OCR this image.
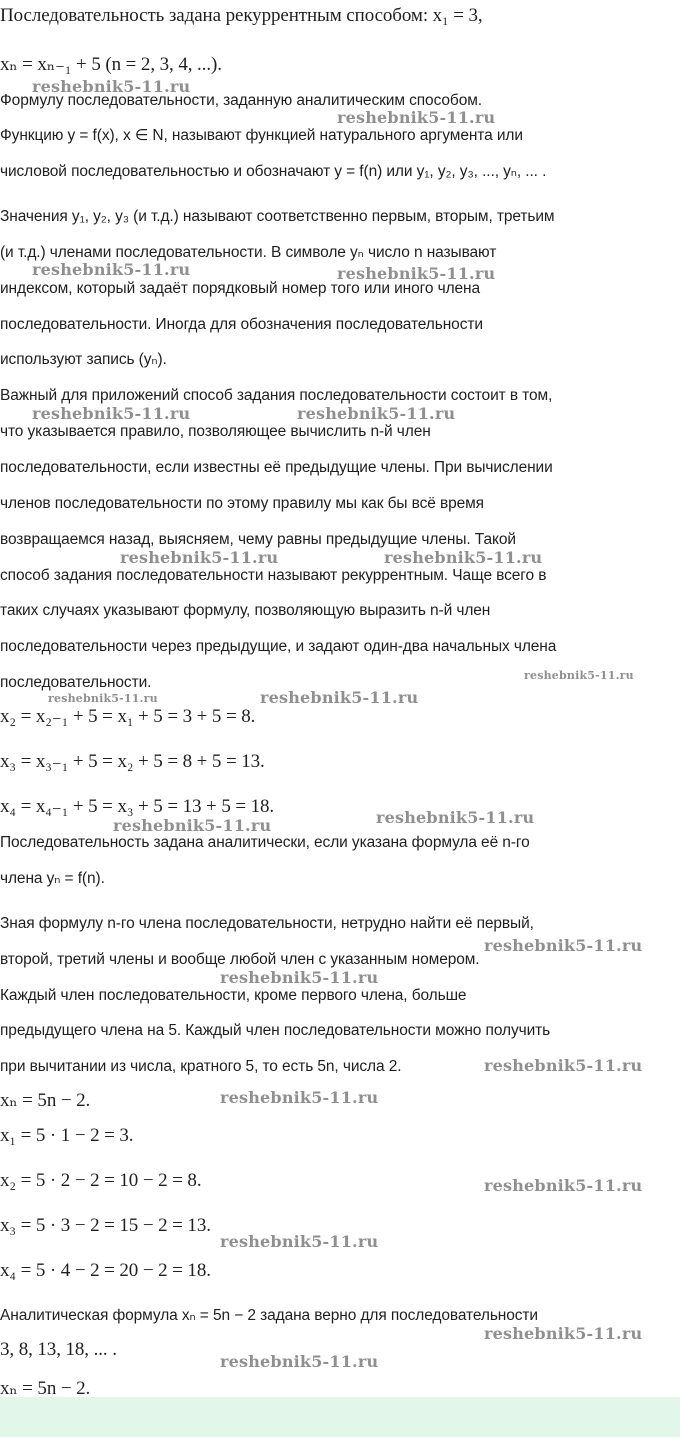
Последовательность задана рекуррентным способом: x₁ = 3,
xₙ = xₙ₋₁ + 5 (n = 2, 3, 4, ...).
Формулу последовательности, заданную аналитическим способом.
Функцию y = f(x), x ∈ N, называют функцией натурального аргумента или
числовой последовательностью и обозначают y = f(n) или y₁, y₂, y₃, ..., yₙ, ... .
Значения y₁, y₂, y₃ (и т.д.) называют соответственно первым, вторым, третьим
(и т.д.) членами последовательности. В символе yₙ число n называют
индексом, который задаёт порядковый номер того или иного члена
последовательности. Иногда для обозначения последовательности
используют запись (yₙ).
Важный для приложений способ задания последовательности состоит в том,
что указывается правило, позволяющее вычислить n-й член
последовательности, если известны её предыдущие члены. При вычислении
членов последовательности по этому правилу мы как бы всё время
возвращаемся назад, выясняем, чему равны предыдущие члены. Такой
способ задания последовательности называют рекуррентным. Чаще всего в
таких случаях указывают формулу, позволяющую выразить n-й член
последовательности через предыдущие, и задают один-два начальных члена
последовательности.
x₂ = x₂₋₁ + 5 = x₁ + 5 = 3 + 5 = 8.
x₃ = x₃₋₁ + 5 = x₂ + 5 = 8 + 5 = 13.
x₄ = x₄₋₁ + 5 = x₃ + 5 = 13 + 5 = 18.
Последовательность задана аналитически, если указана формула её n-го
члена yₙ = f(n).
Зная формулу n-го члена последовательности, нетрудно найти её первый,
второй, третий члены и вообще любой член с указанным номером.
Каждый член последовательности, кроме первого члена, больше
предыдущего члена на 5. Каждый член последовательности можно получить
при вычитании из числа, кратного 5, то есть 5n, числа 2.
xₙ = 5n − 2.
x₁ = 5 · 1 − 2 = 3.
x₂ = 5 · 2 − 2 = 10 − 2 = 8.
x₃ = 5 · 3 − 2 = 15 − 2 = 13.
x₄ = 5 · 4 − 2 = 20 − 2 = 18.
Аналитическая формула xₙ = 5n − 2 задана верно для последовательности
3, 8, 13, 18, ... .
xₙ = 5n − 2.
reshebnik5-11.ru
reshebnik5-11.ru
reshebnik5-11.ru	reshebnik5-11.ru
reshebnik5-11.ru	reshebnik5-11.ru
reshebnik5-11.ru	reshebnik5-11.ru
reshebnik5-11.ru
reshebnik5-11.ru	reshebnik5-11.ru
reshebnik5-11.ru
reshebnik5-11.ru
reshebnik5-11.ru
reshebnik5-11.ru
reshebnik5-11.ru
reshebnik5-11.ru
reshebnik5-11.ru
reshebnik5-11.ru
reshebnik5-11.ru
reshebnik5-11.ru
